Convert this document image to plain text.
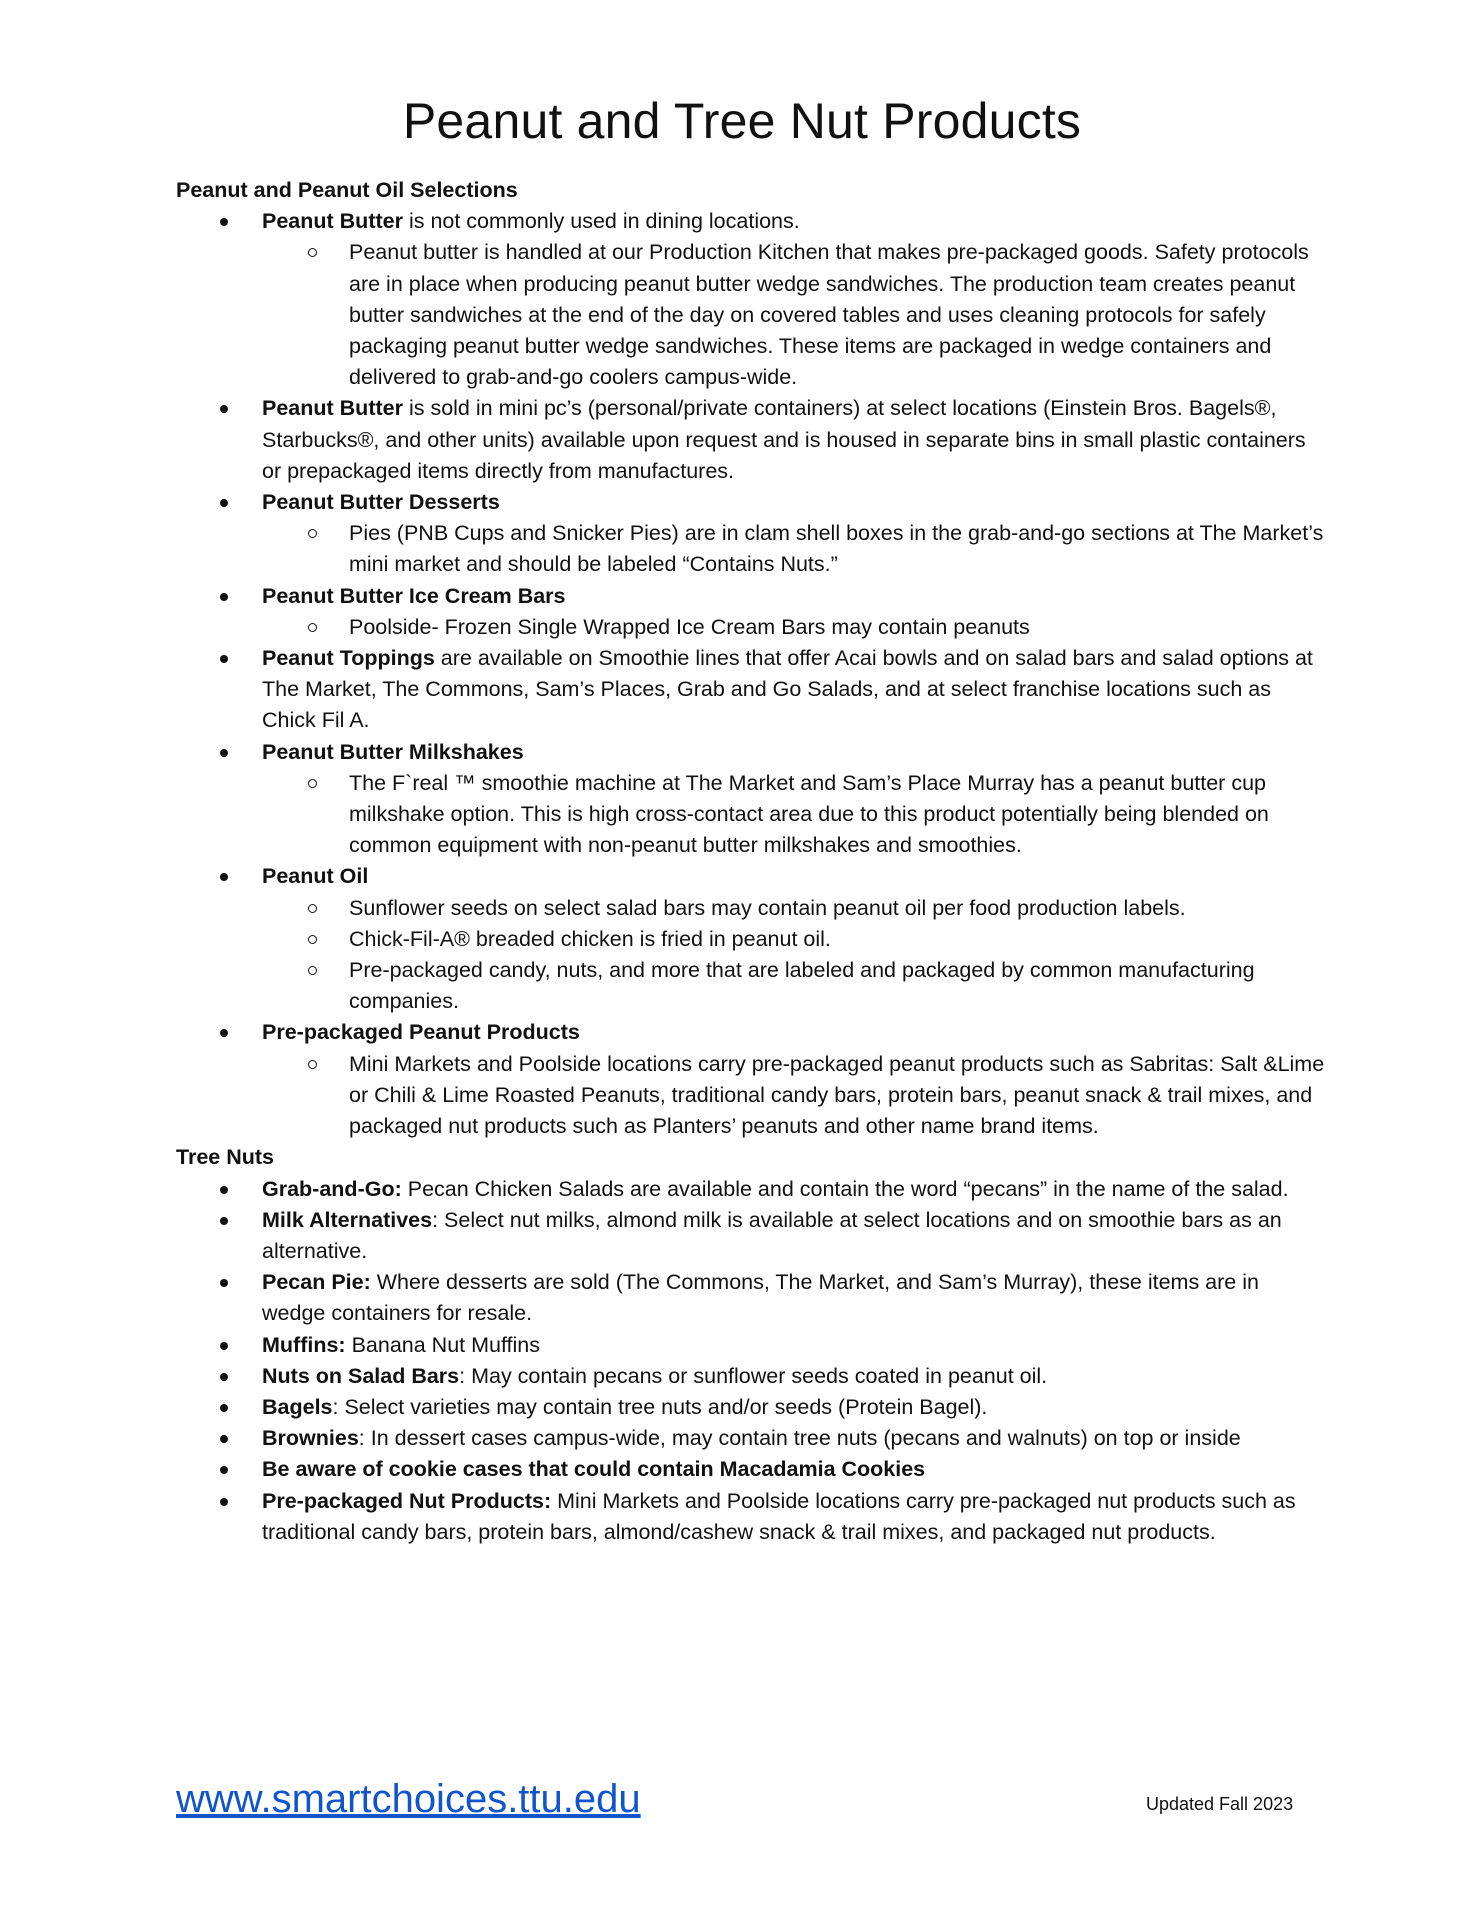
Peanut and Tree Nut Products
Peanut and Peanut Oil Selections
Peanut Butter is not commonly used in dining locations.
Peanut butter is handled at our Production Kitchen that makes pre-packaged goods. Safety protocols are in place when producing peanut butter wedge sandwiches. The production team creates peanut butter sandwiches at the end of the day on covered tables and uses cleaning protocols for safely packaging peanut butter wedge sandwiches. These items are packaged in wedge containers and delivered to grab-and-go coolers campus-wide.
Peanut Butter is sold in mini pc’s (personal/private containers) at select locations (Einstein Bros. Bagels®, Starbucks®, and other units) available upon request and is housed in separate bins in small plastic containers or prepackaged items directly from manufactures.
Peanut Butter Desserts
Pies (PNB Cups and Snicker Pies) are in clam shell boxes in the grab-and-go sections at The Market’s mini market and should be labeled “Contains Nuts.”
Peanut Butter Ice Cream Bars
Poolside- Frozen Single Wrapped Ice Cream Bars may contain peanuts
Peanut Toppings are available on Smoothie lines that offer Acai bowls and on salad bars and salad options at The Market, The Commons, Sam’s Places, Grab and Go Salads, and at select franchise locations such as Chick Fil A.
Peanut Butter Milkshakes
The F`real ™ smoothie machine at The Market and Sam’s Place Murray has a peanut butter cup milkshake option. This is high cross-contact area due to this product potentially being blended on common equipment with non-peanut butter milkshakes and smoothies.
Peanut Oil
Sunflower seeds on select salad bars may contain peanut oil per food production labels.
Chick-Fil-A® breaded chicken is fried in peanut oil.
Pre-packaged candy, nuts, and more that are labeled and packaged by common manufacturing companies.
Pre-packaged Peanut Products
Mini Markets and Poolside locations carry pre-packaged peanut products such as Sabritas: Salt &Lime or Chili & Lime Roasted Peanuts, traditional candy bars, protein bars, peanut snack & trail mixes, and packaged nut products such as Planters’ peanuts and other name brand items.
Tree Nuts
Grab-and-Go: Pecan Chicken Salads are available and contain the word “pecans” in the name of the salad.
Milk Alternatives: Select nut milks, almond milk is available at select locations and on smoothie bars as an alternative.
Pecan Pie: Where desserts are sold (The Commons, The Market, and Sam’s Murray), these items are in wedge containers for resale.
Muffins: Banana Nut Muffins
Nuts on Salad Bars: May contain pecans or sunflower seeds coated in peanut oil.
Bagels: Select varieties may contain tree nuts and/or seeds (Protein Bagel).
Brownies: In dessert cases campus-wide, may contain tree nuts (pecans and walnuts) on top or inside
Be aware of cookie cases that could contain Macadamia Cookies
Pre-packaged Nut Products: Mini Markets and Poolside locations carry pre-packaged nut products such as traditional candy bars, protein bars, almond/cashew snack & trail mixes, and packaged nut products.
www.smartchoices.ttu.edu	Updated Fall 2023
